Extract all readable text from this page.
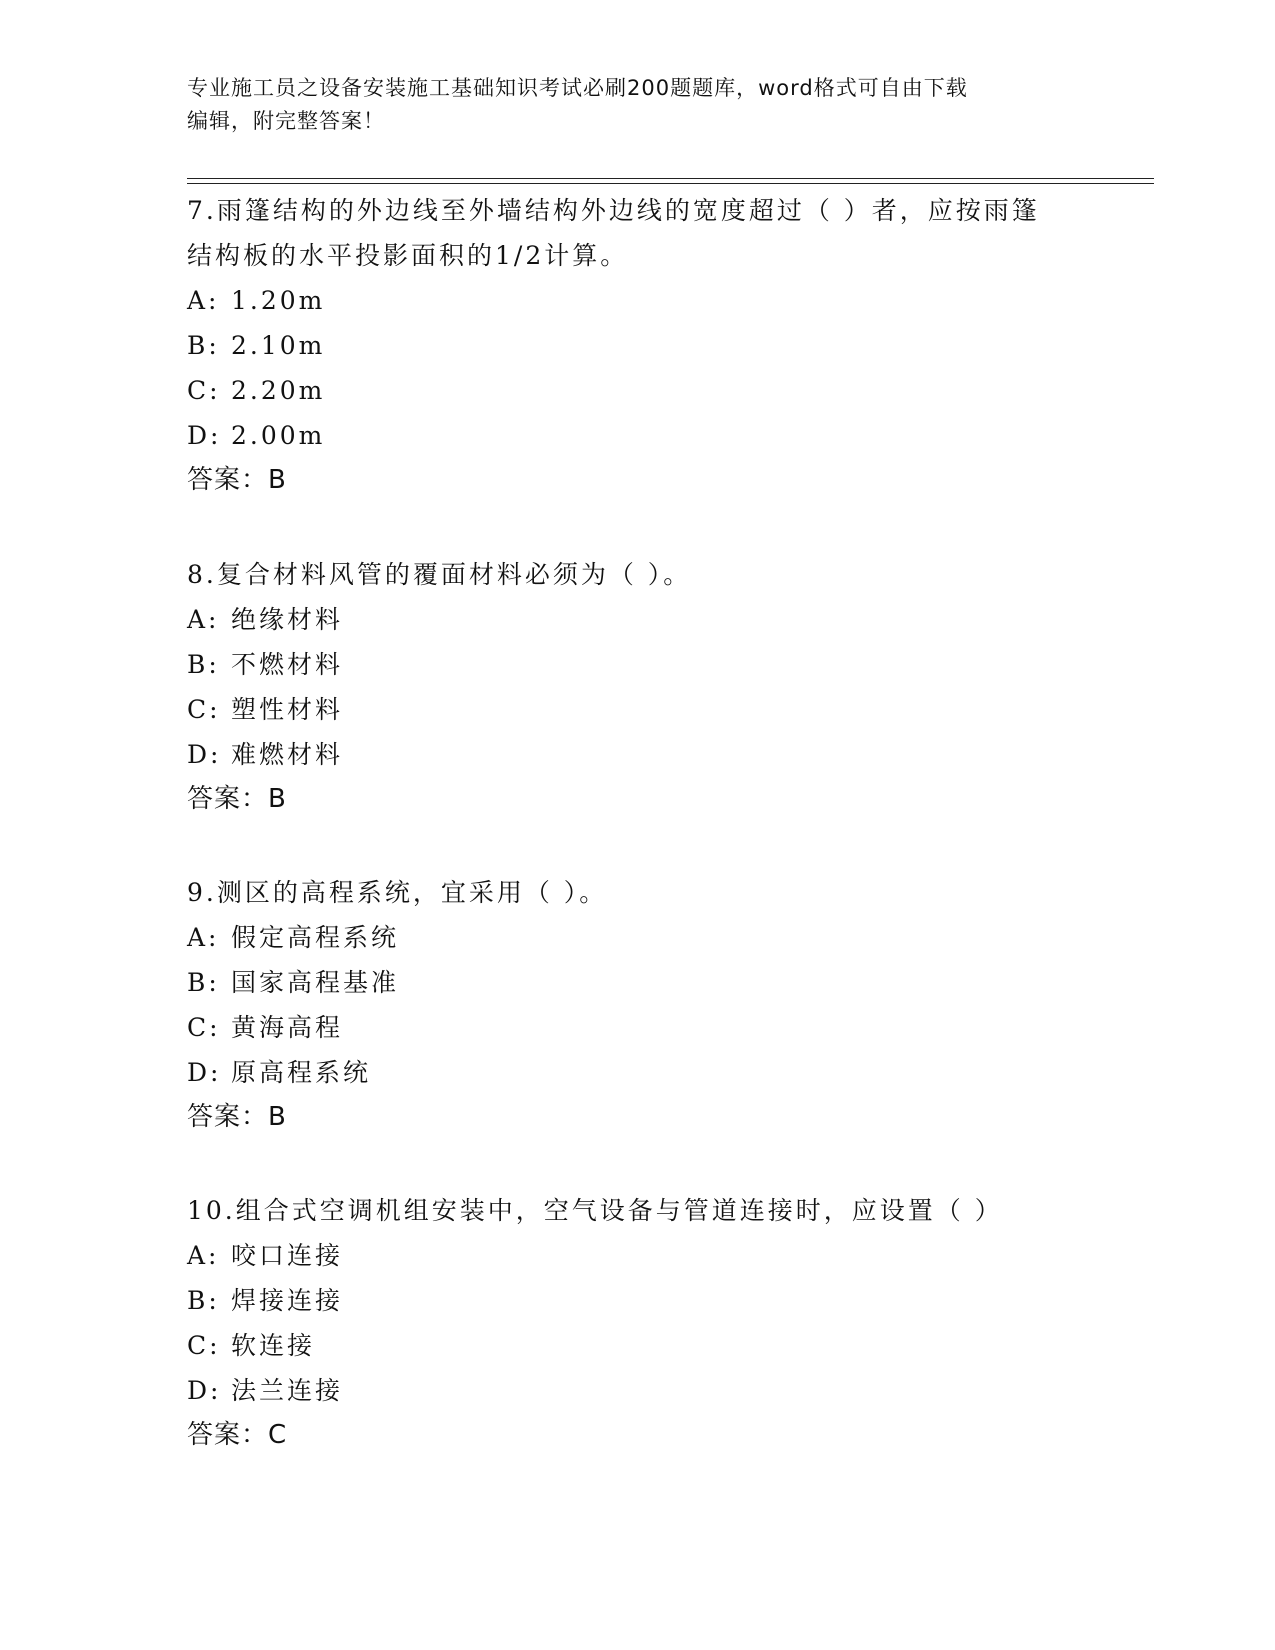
专业施工员之设备安装施工基础知识考试必刷200题题库，word格式可自由下载
编辑，附完整答案！
7.雨篷结构的外边线至外墙结构外边线的宽度超过（ ）者，应按雨篷
结构板的水平投影面积的1/2计算。
A: 1.20m
B: 2.10m
C: 2.20m
D: 2.00m
答案：B
8.复合材料风管的覆面材料必须为（ ）。
A: 绝缘材料
B: 不燃材料
C: 塑性材料
D: 难燃材料
答案：B
9.测区的高程系统，宜采用（ ）。
A: 假定高程系统
B: 国家高程基准
C: 黄海高程
D: 原高程系统
答案：B
10.组合式空调机组安装中，空气设备与管道连接时，应设置（ ）
A: 咬口连接
B: 焊接连接
C: 软连接
D: 法兰连接
答案：C
